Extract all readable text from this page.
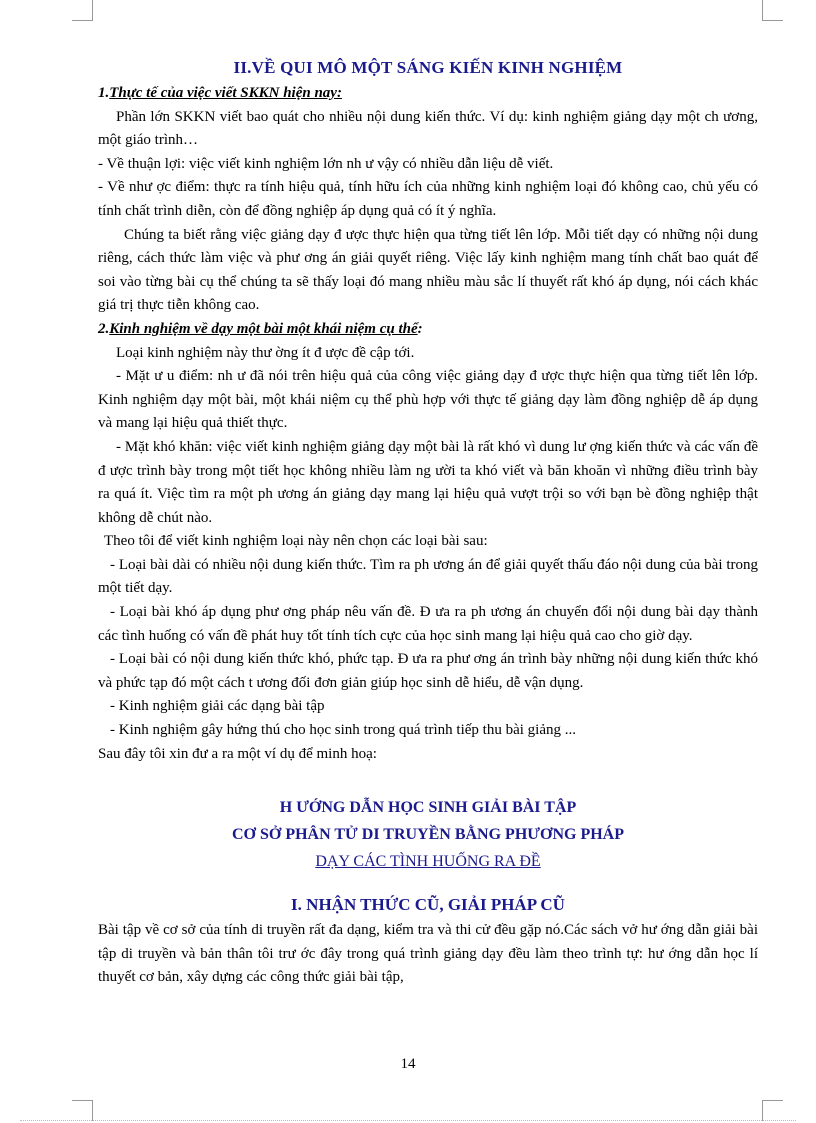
II.VỀ QUI MÔ MỘT SÁNG KIẾN KINH NGHIỆM

1.Thực tế của việc viết SKKN hiện nay:

Phần lớn SKKN viết bao quát cho nhiều nội dung kiến thức. Ví dụ: kinh nghiệm giảng dạy một ch ương, một giáo trình…

- Về thuận lợi: việc viết kinh nghiệm lớn nh ư vậy có nhiều dẫn liệu dễ viết.

- Về như ợc điểm: thực ra tính hiệu quả, tính hữu ích của những kinh nghiệm loại đó không cao, chủ yếu có tính chất trình diễn, còn để đồng nghiệp áp dụng quả có ít ý nghĩa.

Chúng ta biết rằng việc giảng dạy đ ược thực hiện qua từng tiết lên lớp. Mỗi tiết dạy có những nội dung riêng, cách thức làm việc và phư ơng án giải quyết riêng. Việc lấy kinh nghiệm mang tính chất bao quát để soi vào từng bài cụ thể chúng ta sẽ thấy loại đó mang nhiều màu sắc lí thuyết rất khó áp dụng, nói cách khác giá trị thực tiễn không cao.

2.Kinh nghiệm về dạy một bài một khái niệm cụ thể:

Loại kinh nghiệm này thư ờng ít đ ược đề cập tới.

- Mặt ư u điểm: nh ư đã nói trên hiệu quả của công việc giảng dạy đ ược thực hiện qua từng tiết lên lớp. Kinh nghiệm dạy một bài, một khái niệm cụ thể phù hợp với thực tế giảng dạy làm đồng nghiệp dễ áp dụng và mang lại hiệu quả thiết thực.

- Mặt khó khăn: việc viết kinh nghiệm giảng dạy một bài là rất khó vì dung lư ợng kiến thức và các vấn đề đ ược trình bày trong một tiết học không nhiều làm ng ười ta khó viết và băn khoăn vì những điều trình bày ra quá ít. Việc tìm ra một ph ương án giảng dạy mang lại hiệu quả vượt trội so với bạn bè đồng nghiệp thật không dễ chút nào.

Theo tôi để viết kinh nghiệm loại này nên chọn các loại bài sau:

- Loại bài dài có nhiều nội dung kiến thức. Tìm ra ph ương án để giải quyết thấu đáo nội dung của bài trong một tiết dạy.

- Loại bài khó áp dụng phư ơng pháp nêu vấn đề. Đ ưa ra ph ương án chuyển đổi nội dung bài dạy thành các tình huống có vấn đề phát huy tốt tính tích cực của học sinh mang lại hiệu quả cao cho giờ dạy.

- Loại bài có nội dung kiến thức khó, phức tạp. Đ ưa ra phư ơng án trình bày những nội dung kiến thức khó và phức tạp đó một cách t ương đối đơn giản giúp học sinh dễ hiểu, dễ vận dụng.

- Kinh nghiệm giải các dạng bài tập

- Kinh nghiệm gây hứng thú cho học sinh trong quá trình tiếp thu bài giảng ...

Sau đây tôi xin đư a ra một ví dụ để minh hoạ:

H ƯỚNG DẪN HỌC SINH GIẢI BÀI TẬP

CƠ SỞ PHÂN TỬ DI TRUYỀN BẰNG PHƯƠNG PHÁP

DẠY CÁC TÌNH HUỐNG RA ĐỀ

I. NHẬN THỨC CŨ, GIẢI PHÁP CŨ

Bài tập về cơ sở của tính di truyền rất đa dạng, kiểm tra và thi cử đều gặp nó.Các sách vở hư ớng dẫn giải bài tập di truyền và bản thân tôi trư ớc đây trong quá trình giảng dạy đều làm theo trình tự: hư ớng dẫn học lí thuyết cơ bản, xây dựng các công thức giải bài tập,

14
